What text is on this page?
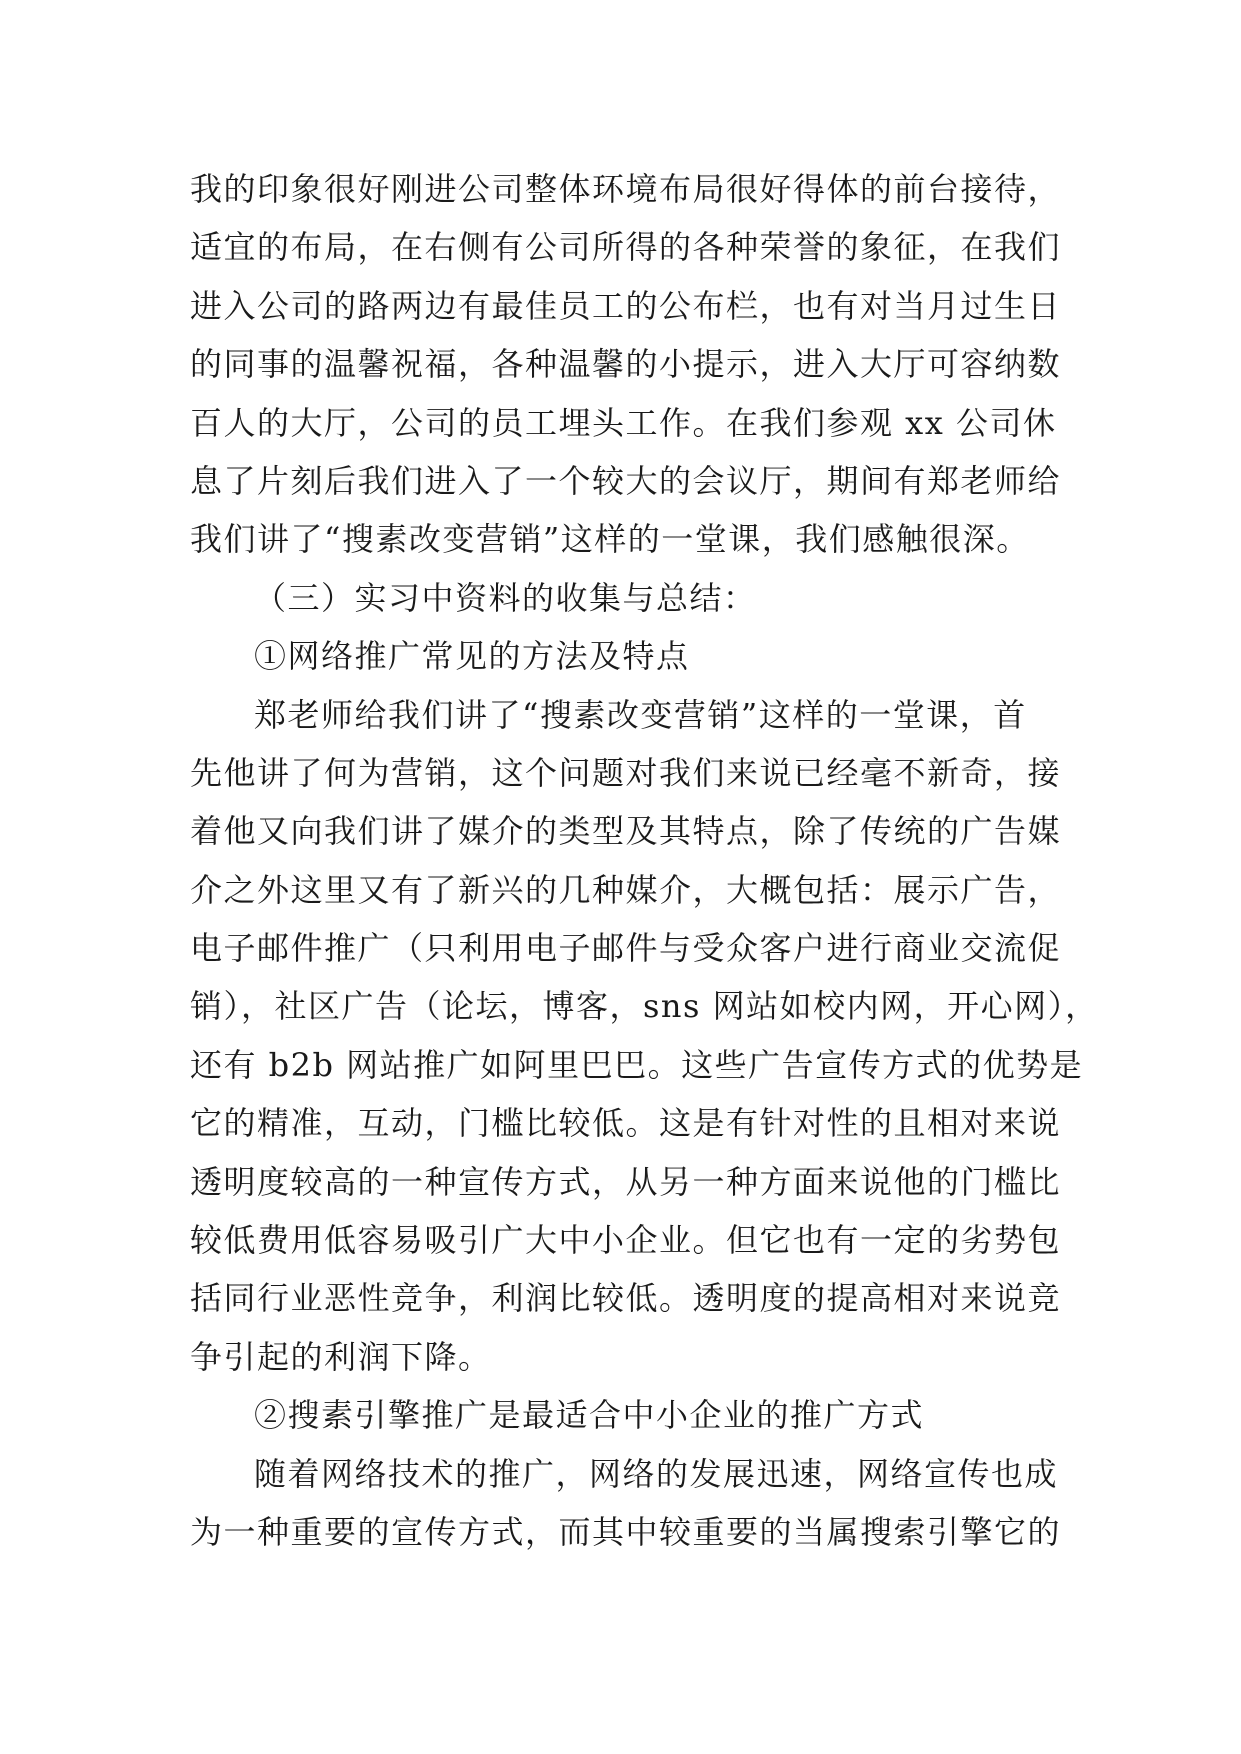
我的印象很好刚进公司整体环境布局很好得体的前台接待，
适宜的布局，在右侧有公司所得的各种荣誉的象征，在我们
进入公司的路两边有最佳员工的公布栏，也有对当月过生日
的同事的温馨祝福，各种温馨的小提示，进入大厅可容纳数
百人的大厅，公司的员工埋头工作。在我们参观 xx 公司休
息了片刻后我们进入了一个较大的会议厅，期间有郑老师给
我们讲了“搜素改变营销”这样的一堂课，我们感触很深。
（三）实习中资料的收集与总结：
①网络推广常见的方法及特点
郑老师给我们讲了“搜素改变营销”这样的一堂课，首
先他讲了何为营销，这个问题对我们来说已经毫不新奇，接
着他又向我们讲了媒介的类型及其特点，除了传统的广告媒
介之外这里又有了新兴的几种媒介，大概包括：展示广告，
电子邮件推广（只利用电子邮件与受众客户进行商业交流促
销），社区广告（论坛，博客，sns 网站如校内网，开心网），
还有 b2b 网站推广如阿里巴巴。这些广告宣传方式的优势是
它的精准，互动，门槛比较低。这是有针对性的且相对来说
透明度较高的一种宣传方式，从另一种方面来说他的门槛比
较低费用低容易吸引广大中小企业。但它也有一定的劣势包
括同行业恶性竞争，利润比较低。透明度的提高相对来说竞
争引起的利润下降。
②搜素引擎推广是最适合中小企业的推广方式
随着网络技术的推广，网络的发展迅速，网络宣传也成
为一种重要的宣传方式，而其中较重要的当属搜索引擎它的
